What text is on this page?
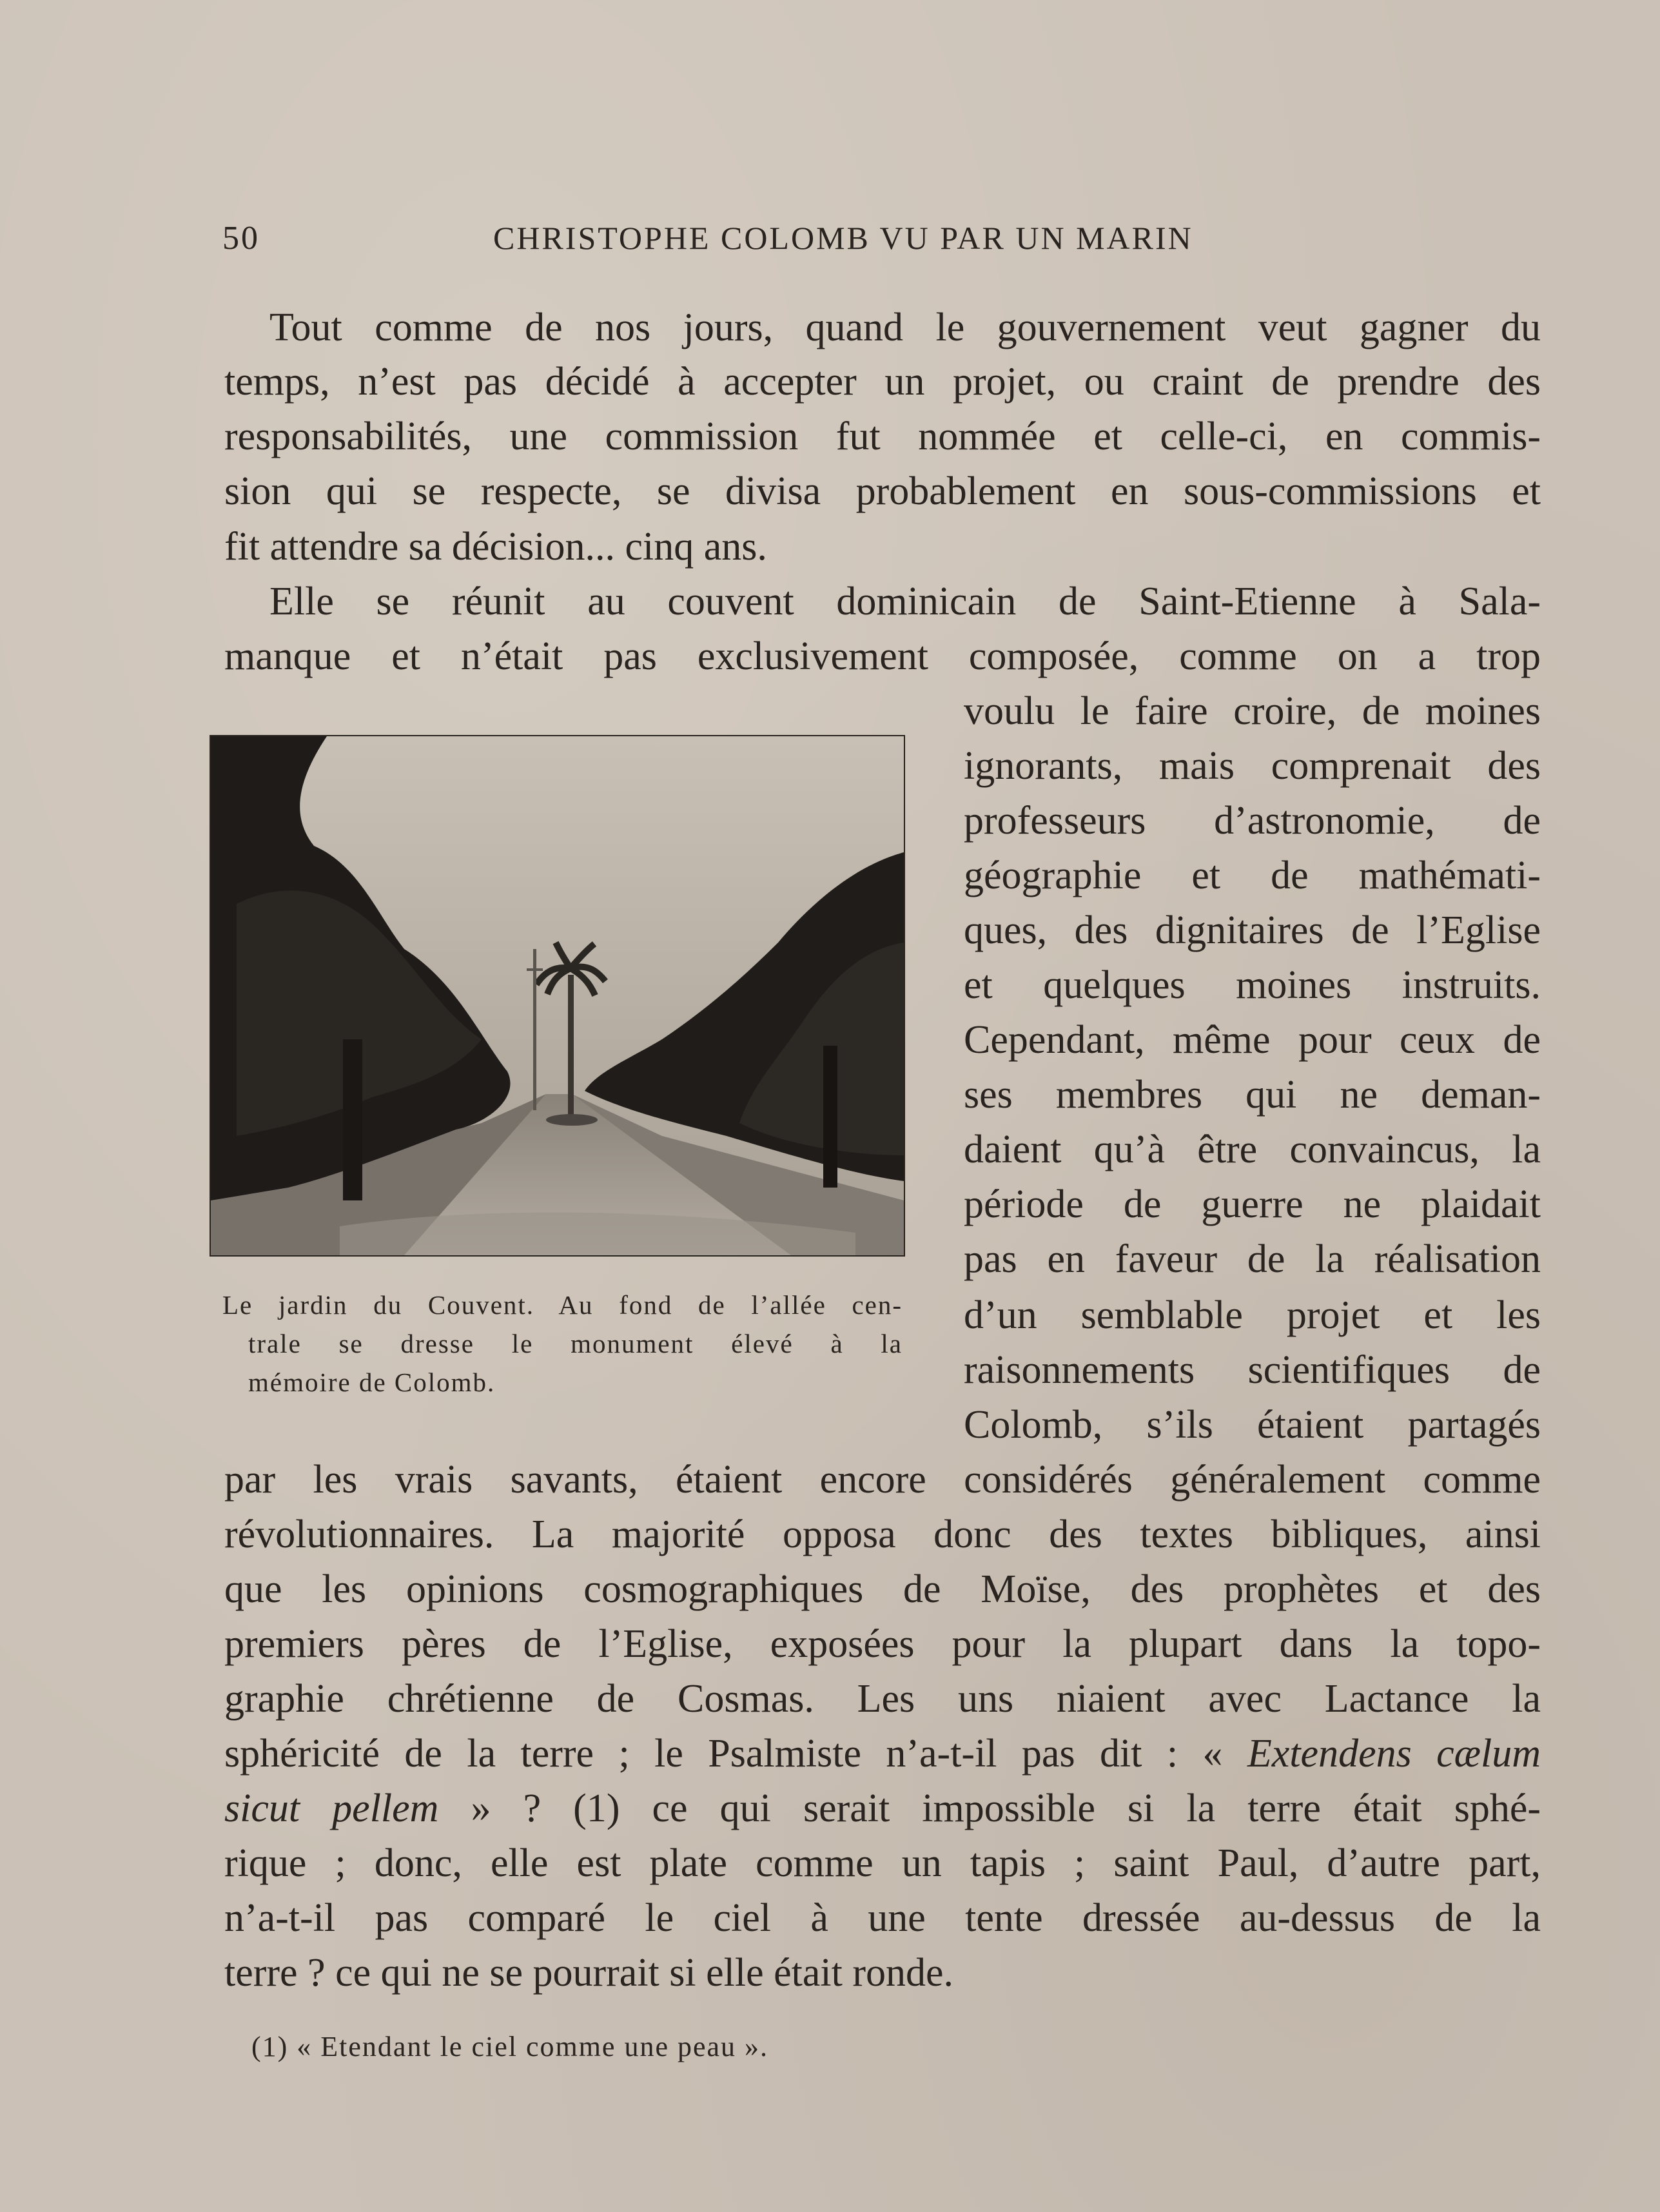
50	CHRISTOPHE COLOMB VU PAR UN MARIN
Tout comme de nos jours, quand le gouvernement veut gagner du
temps, n’est pas décidé à accepter un projet, ou craint de prendre des
responsabilités, une commission fut nommée et celle-ci, en commis-
sion qui se respecte, se divisa probablement en sous-commissions et
fit attendre sa décision... cinq ans.
Elle se réunit au couvent dominicain de Saint-Etienne à Sala-
manque et n’était pas exclusivement composée, comme on a trop
voulu le faire croire, de moines
ignorants, mais comprenait des
professeurs d’astronomie, de
géographie et de mathémati-
ques, des dignitaires de l’Eglise
et quelques moines instruits.
Cependant, même pour ceux de
ses membres qui ne deman-
daient qu’à être convaincus, la
période de guerre ne plaidait
pas en faveur de la réalisation
d’un semblable projet et les
raisonnements scientifiques de
Colomb, s’ils étaient partagés
par les vrais savants, étaient encore considérés généralement comme
révolutionnaires. La majorité opposa donc des textes bibliques, ainsi
que les opinions cosmographiques de Moïse, des prophètes et des
premiers pères de l’Eglise, exposées pour la plupart dans la topo-
graphie chrétienne de Cosmas. Les uns niaient avec Lactance la
sphéricité de la terre ; le Psalmiste n’a-t-il pas dit : « Extendens cælum
sicut pellem » ? (1) ce qui serait impossible si la terre était sphé-
rique ; donc, elle est plate comme un tapis ; saint Paul, d’autre part,
n’a-t-il pas comparé le ciel à une tente dressée au-dessus de la
terre ? ce qui ne se pourrait si elle était ronde.
Le jardin du Couvent. Au fond de l’allée cen-
trale se dresse le monument élevé à la
mémoire de Colomb.
(1) « Etendant le ciel comme une peau ».
